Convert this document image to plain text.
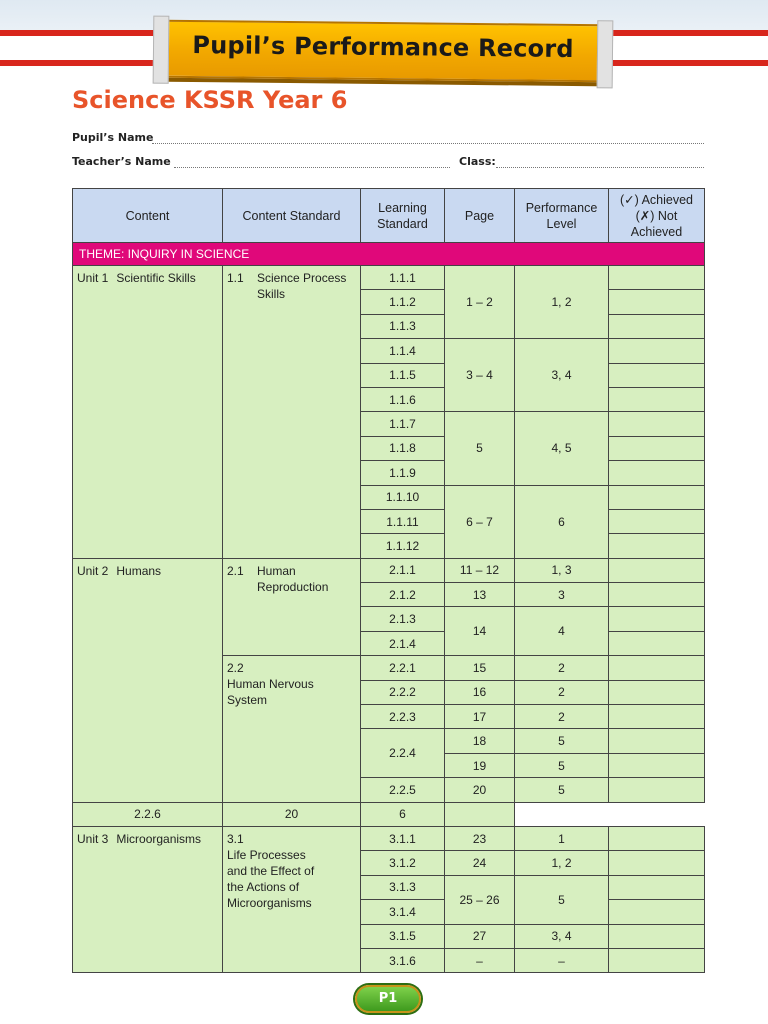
Pupil’s Performance Record
Science KSSR Year 6
Pupil’s Name
Teacher’s Name	Class:
Content	Content Standard	Learning Standard	Page	Performance Level	(✓) Achieved (✗) Not Achieved
THEME: INQUIRY IN SCIENCE					
Unit 1 Scientific Skills	1.1 Science Process Skills	1.1.1	1 – 2	1, 2	
		1.1.2			
		1.1.3			
		1.1.4	3 – 4	3, 4	
		1.1.5			
		1.1.6			
		1.1.7	5	4, 5	
		1.1.8			
		1.1.9			
		1.1.10	6 – 7	6	
		1.1.11			
		1.1.12			
Unit 2 Humans	2.1 Human Reproduction	2.1.1	11 – 12	1, 3	
		2.1.2	13	3	
		2.1.3	14	4	
		2.1.4			
	2.2Human Nervous System	2.2.1	15	2	
		2.2.2	16	2	
		2.2.3	17	2	
		2.2.4	18	5	
			19	5	
		2.2.5	20	5	
2.2.6	20	6			
Unit 3 Microorganisms	3.1Life Processes and the Effect of the Actions of Microorganisms	3.1.1	23	1	
		3.1.2	24	1, 2	
		3.1.3	25 – 26	5	
		3.1.4			
		3.1.5	27	3, 4	
		3.1.6	–	–	
P1
